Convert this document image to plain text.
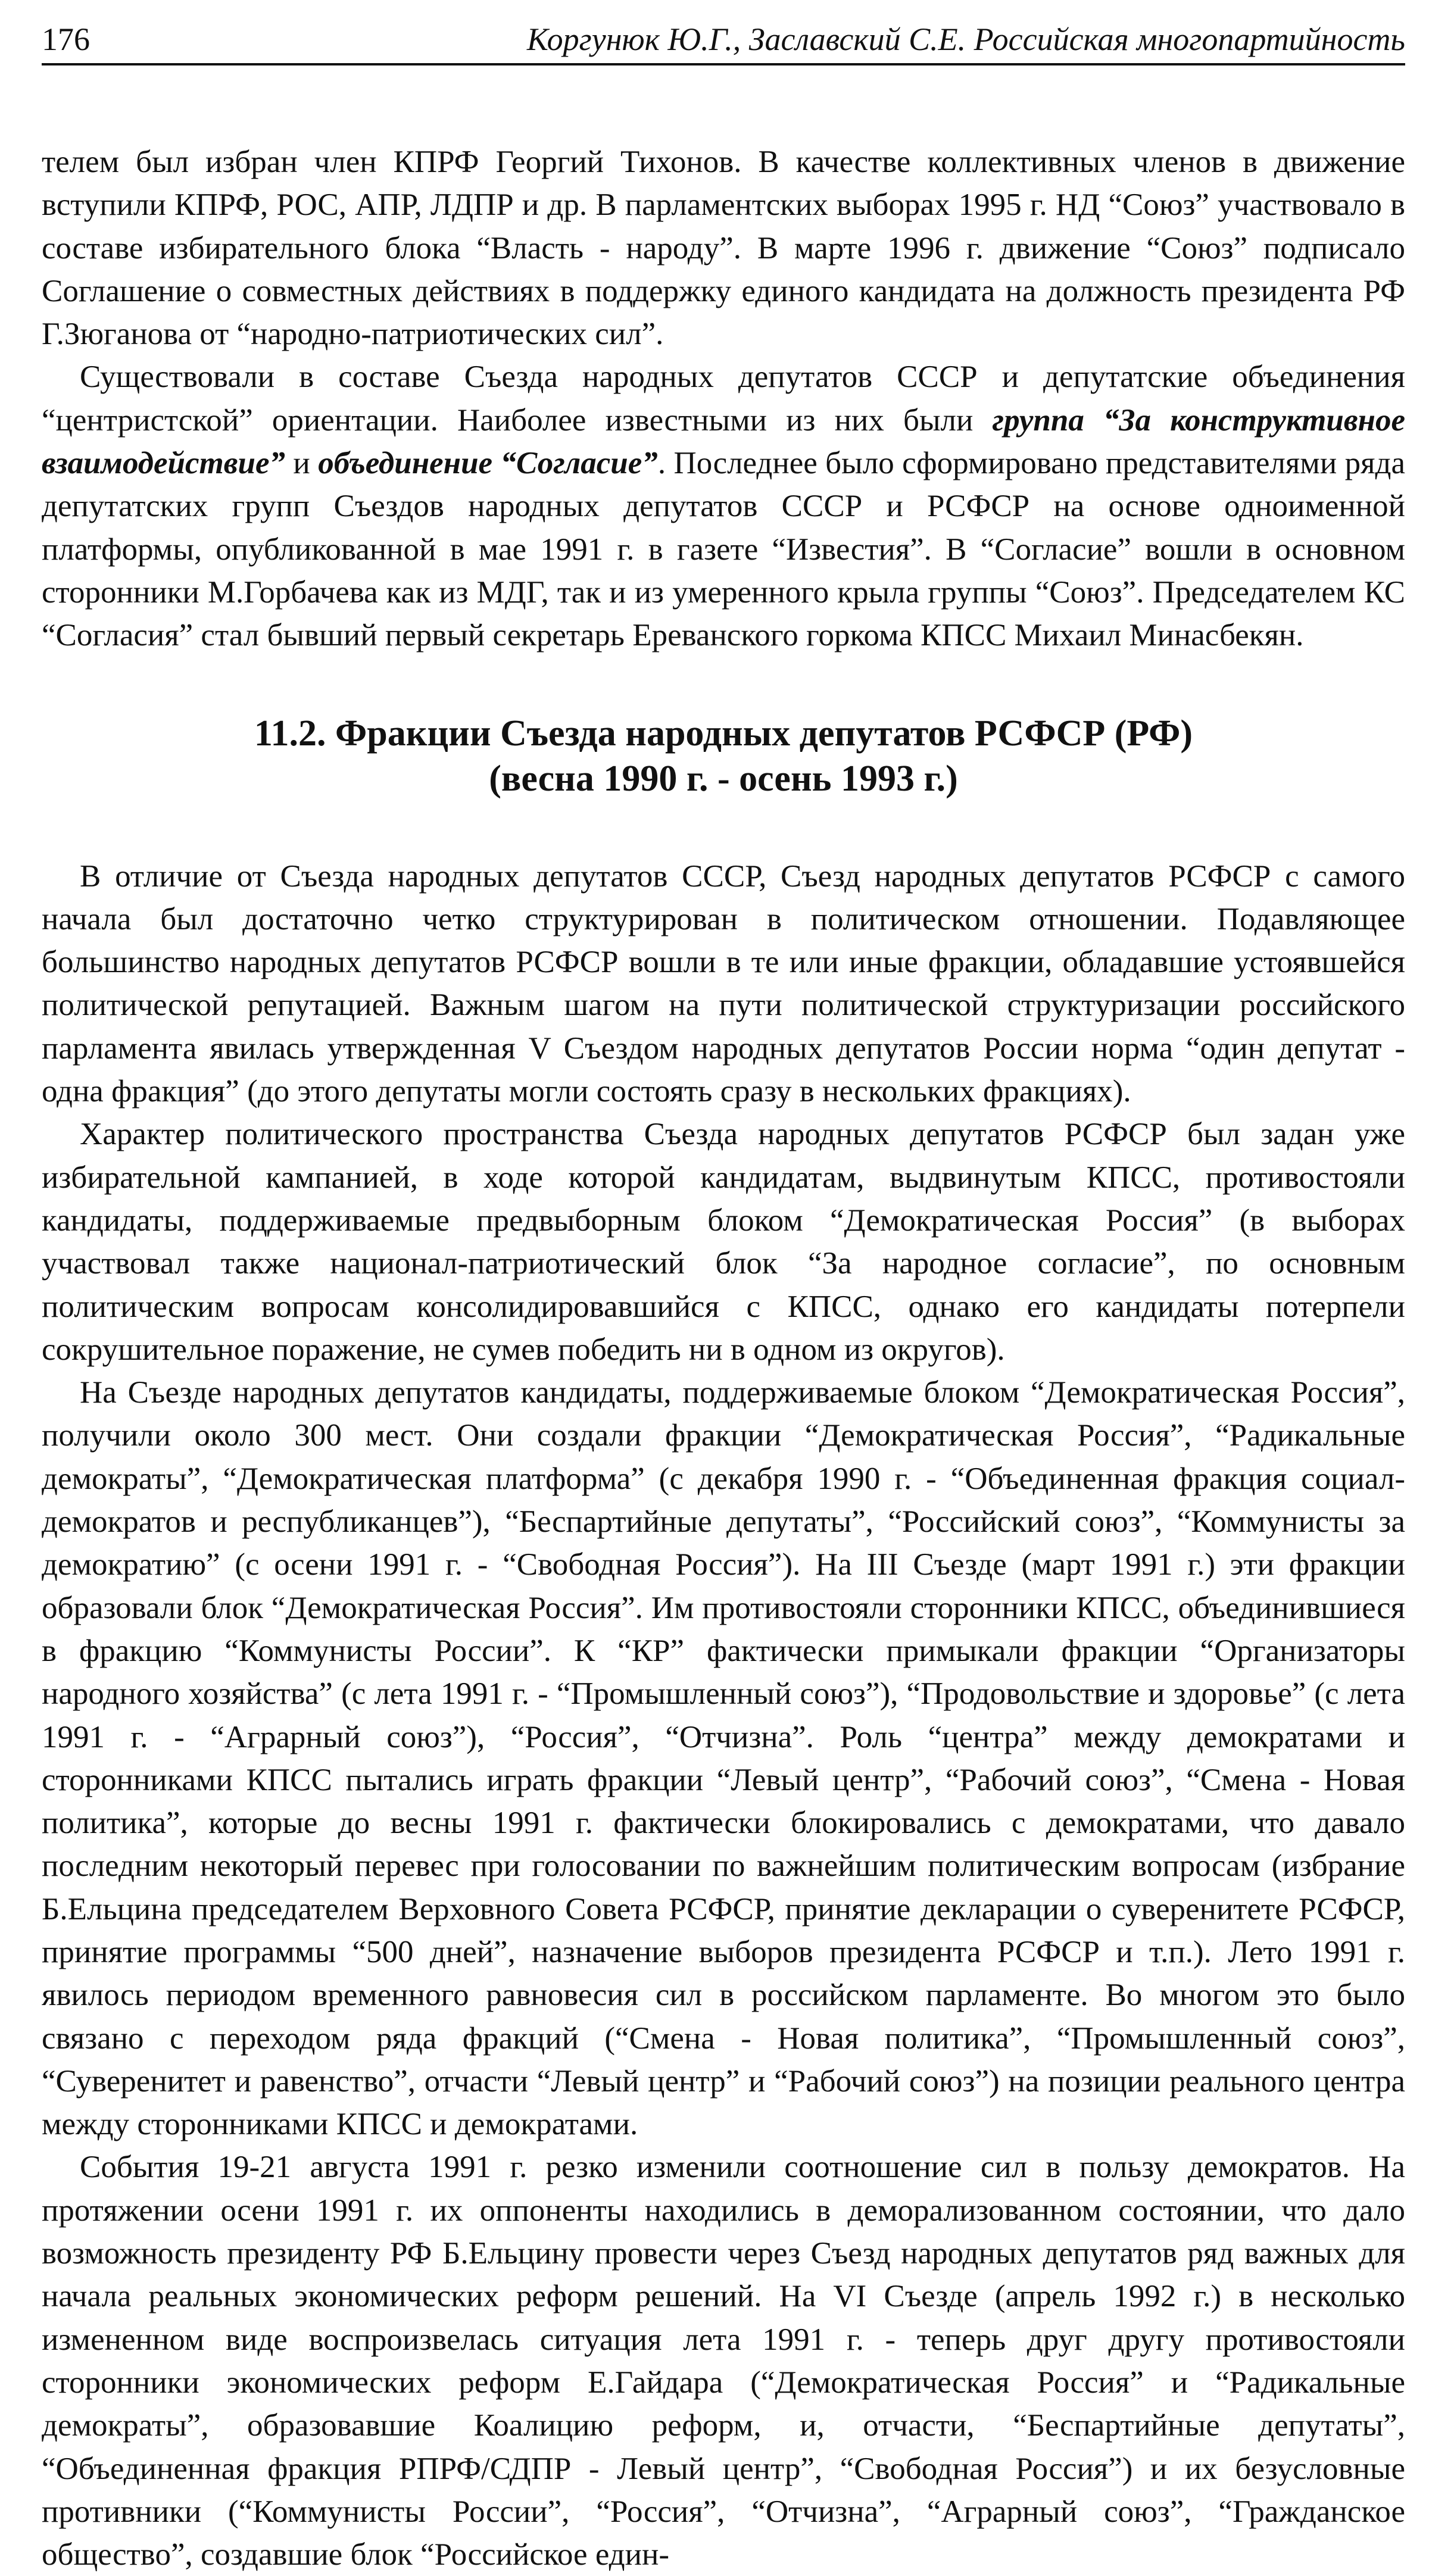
176	Коргунюк Ю.Г., Заславский С.Е. Российская многопартийность

телем был избран член КПРФ Георгий Тихонов. В качестве коллективных членов в движение вступили КПРФ, РОС, АПР, ЛДПР и др. В парламентских выборах 1995 г. НД “Союз” участвовало в составе избирательного блока “Власть - народу”. В марте 1996 г. движение “Союз” подписало Соглашение о совместных действиях в поддержку единого кандидата на должность президента РФ Г.Зюганова от “народно-патриотических сил”.

Существовали в составе Съезда народных депутатов СССР и депутатские объединения “центристской” ориентации. Наиболее известными из них были группа “За конструктивное взаимодействие” и объединение “Согласие”. Последнее было сформировано представителями ряда депутатских групп Съездов народных депутатов СССР и РСФСР на основе одноименной платформы, опубликованной в мае 1991 г. в газете “Известия”. В “Согласие” вошли в основном сторонники М.Горбачева как из МДГ, так и из умеренного крыла группы “Союз”. Председателем КС “Согласия” стал бывший первый секретарь Ереванского горкома КПСС Михаил Минасбекян.

11.2. Фракции Съезда народных депутатов РСФСР (РФ)
(весна 1990 г. - осень 1993 г.)

В отличие от Съезда народных депутатов СССР, Съезд народных депутатов РСФСР с самого начала был достаточно четко структурирован в политическом отношении. Подавляющее большинство народных депутатов РСФСР вошли в те или иные фракции, обладавшие устоявшейся политической репутацией. Важным шагом на пути политической структуризации российского парламента явилась утвержденная V Съездом народных депутатов России норма “один депутат - одна фракция” (до этого депутаты могли состоять сразу в нескольких фракциях).

Характер политического пространства Съезда народных депутатов РСФСР был задан уже избирательной кампанией, в ходе которой кандидатам, выдвинутым КПСС, противостояли кандидаты, поддерживаемые предвыборным блоком “Демократическая Россия” (в выборах участвовал также национал-патриотический блок “За народное согласие”, по основным политическим вопросам консолидировавшийся с КПСС, однако его кандидаты потерпели сокрушительное поражение, не сумев победить ни в одном из округов).

На Съезде народных депутатов кандидаты, поддерживаемые блоком “Демократическая Россия”, получили около 300 мест. Они создали фракции “Демократическая Россия”, “Радикальные демократы”, “Демократическая платформа” (с декабря 1990 г. - “Объединенная фракция социал-демократов и республиканцев”), “Беспартийные депутаты”, “Российский союз”, “Коммунисты за демократию” (с осени 1991 г. - “Свободная Россия”). На III Съезде (март 1991 г.) эти фракции образовали блок “Демократическая Россия”. Им противостояли сторонники КПСС, объединившиеся в фракцию “Коммунисты России”. К “КР” фактически примыкали фракции “Организаторы народного хозяйства” (с лета 1991 г. - “Промышленный союз”), “Продовольствие и здоровье” (с лета 1991 г. - “Аграрный союз”), “Россия”, “Отчизна”. Роль “центра” между демократами и сторонниками КПСС пытались играть фракции “Левый центр”, “Рабочий союз”, “Смена - Новая политика”, которые до весны 1991 г. фактически блокировались с демократами, что давало последним некоторый перевес при голосовании по важнейшим политическим вопросам (избрание Б.Ельцина председателем Верховного Совета РСФСР, принятие декларации о суверенитете РСФСР, принятие программы “500 дней”, назначение выборов президента РСФСР и т.п.). Лето 1991 г. явилось периодом временного равновесия сил в российском парламенте. Во многом это было связано с переходом ряда фракций (“Смена - Новая политика”, “Промышленный союз”, “Суверенитет и равенство”, отчасти “Левый центр” и “Рабочий союз”) на позиции реального центра между сторонниками КПСС и демократами.

События 19-21 августа 1991 г. резко изменили соотношение сил в пользу демократов. На протяжении осени 1991 г. их оппоненты находились в деморализованном состоянии, что дало возможность президенту РФ Б.Ельцину провести через Съезд народных депутатов ряд важных для начала реальных экономических реформ решений. На VI Съезде (апрель 1992 г.) в несколько измененном виде воспроизвелась ситуация лета 1991 г. - теперь друг другу противостояли сторонники экономических реформ Е.Гайдара (“Демократическая Россия” и “Радикальные демократы”, образовавшие Коалицию реформ, и, отчасти, “Беспартийные депутаты”, “Объединенная фракция РПРФ/СДПР - Левый центр”, “Свободная Россия”) и их безусловные противники (“Коммунисты России”, “Россия”, “Отчизна”, “Аграрный союз”, “Гражданское общество”, создавшие блок “Российское един-
